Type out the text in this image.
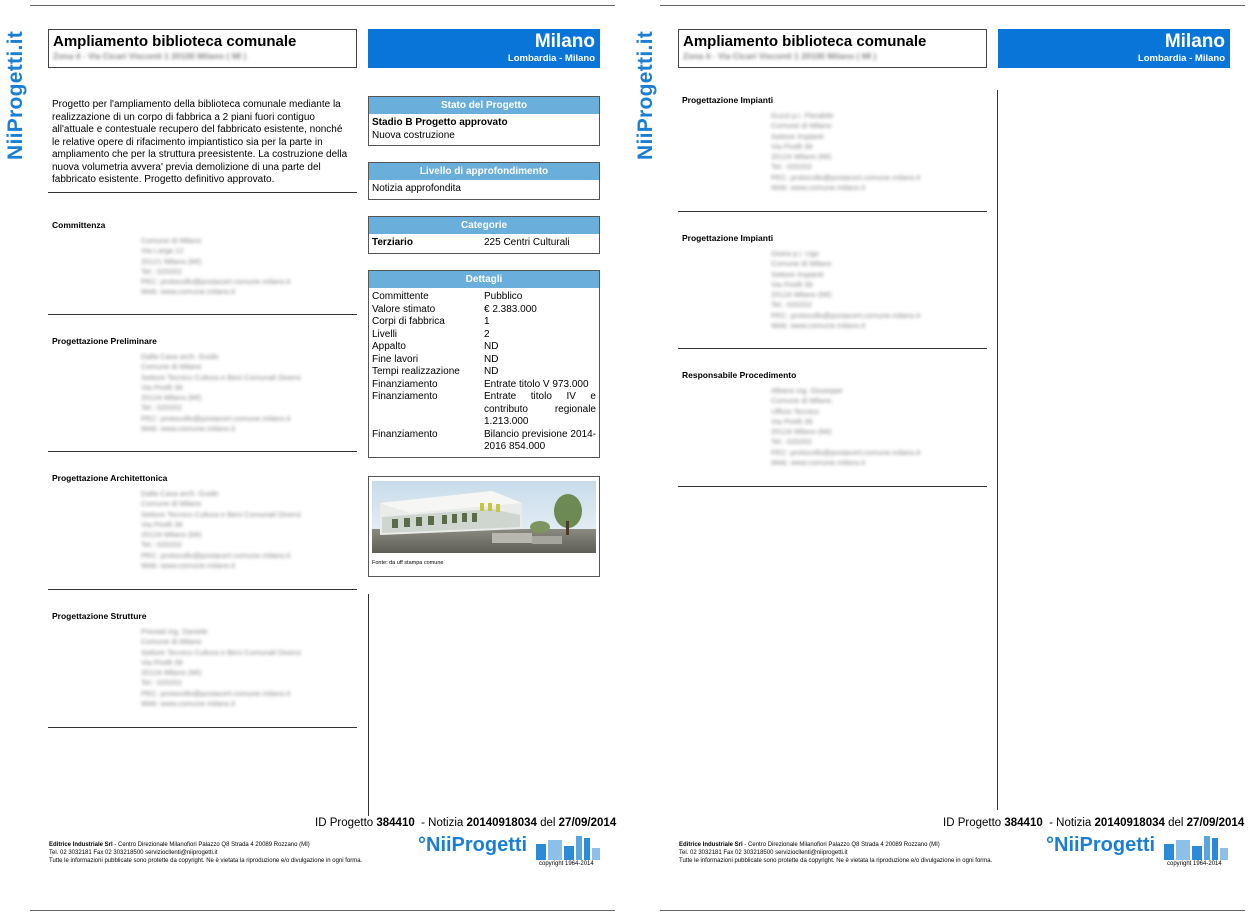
NiiProgetti.it Ampliamento biblioteca comunale
Zona 4 - Via Cicari Visconti 1 20100 Milano ( MI )
Milano
Lombardia - Milano
Progetto per l'ampliamento della biblioteca comunale mediante la realizzazione di un corpo di fabbrica a 2 piani fuori contiguo all'attuale e contestuale recupero del fabbricato esistente, nonché le relative opere di rifacimento impiantistico sia per la parte in ampliamento che per la struttura preesistente. La costruzione della nuova volumetria avvera' previa demolizione di una parte del fabbricato esistente. Progetto definitivo approvato.
Committenza
Comune di Milano
Via Larga 12
20121 Milano (MI)
Tel.: 020202
PEC: protocollo@postacert.comune.milano.it
Web: www.comune.milano.it
Progettazione Preliminare
Dalla Casa arch. Guido
Comune di Milano
Settore Tecnico Cultura e Beni Comunali Diversi
Via Pirelli 39
20124 Milano (MI)
Tel.: 020202
PEC: protocollo@postacert.comune.milano.it
Web: www.comune.milano.it
Progettazione Architettonica
Dalla Casa arch. Guido
Comune di Milano
Settore Tecnico Cultura e Beni Comunali Diversi
Via Pirelli 39
20124 Milano (MI)
Tel.: 020202
PEC: protocollo@postacert.comune.milano.it
Web: www.comune.milano.it
Progettazione Strutture
Previati ing. Daniele
Comune di Milano
Settore Tecnico Cultura e Beni Comunali Diversi
Via Pirelli 39
20124 Milano (MI)
Tel.: 020202
PEC: protocollo@postacert.comune.milano.it
Web: www.comune.milano.it
Stato del Progetto
Stadio B Progetto approvato
Nuova costruzione
Livello di approfondimento
Notizia approfondita
Categorie
Terziario	225 Centri Culturali
Dettagli
Committente	Pubblico
Valore stimato	€ 2.383.000
Corpi di fabbrica	1
Livelli	2
Appalto	ND
Fine lavori	ND
Tempi realizzazione	ND
Finanziamento	Entrate titolo V 973.000
Finanziamento	Entrate titolo IV e contributo regionale 1.213.000
Finanziamento	Bilancio previsione 2014-2016 854.000
Fonte: da uff stampa comune
ID Progetto 384410 - Notizia 20140918034 del 27/09/2014
Editrice Industriale Srl - Centro Direzionale Milanofiori Palazzo Q8 Strada 4 20089 Rozzano (MI)
Tel. 02 3032181 Fax 02 303218500 serviziocllenti@niiprogetti.it
Tutte le informazioni pubblicate sono protette da copyright. Ne è vietata la riproduzione e/o divulgazione in ogni forma.
°NiiProgetti
copyright 1964-2014
NiiProgetti.it Ampliamento biblioteca comunale
Zona 4 - Via Cicari Visconti 1 20100 Milano ( MI )
Milano
Lombardia - Milano
Progettazione Impianti
Guzzi p.i. Pierabile
Comune di Milano
Settore Impianti
Via Pirelli 39
20124 Milano (MI)
Tel.: 020202
PEC: protocollo@postacert.comune.milano.it
Web: www.comune.milano.it
Progettazione Impianti
Gioira p.i. Ugo
Comune di Milano
Settore Impianti
Via Pirelli 39
20124 Milano (MI)
Tel.: 020202
PEC: protocollo@postacert.comune.milano.it
Web: www.comune.milano.it
Responsabile Procedimento
Albano ing. Giuseppe
Comune di Milano
Ufficio Tecnico
Via Pirelli 39
20124 Milano (MI)
Tel.: 020202
PEC: protocollo@postacert.comune.milano.it
Web: www.comune.milano.it
ID Progetto 384410 - Notizia 20140918034 del 27/09/2014
Editrice Industriale Srl - Centro Direzionale Milanofiori Palazzo Q8 Strada 4 20089 Rozzano (MI)
Tel. 02 3032181 Fax 02 303218500 serviziocllenti@niiprogetti.it
Tutte le informazioni pubblicate sono protette da copyright. Ne è vietata la riproduzione e/o divulgazione in ogni forma.
°NiiProgetti
copyright 1964-2014
